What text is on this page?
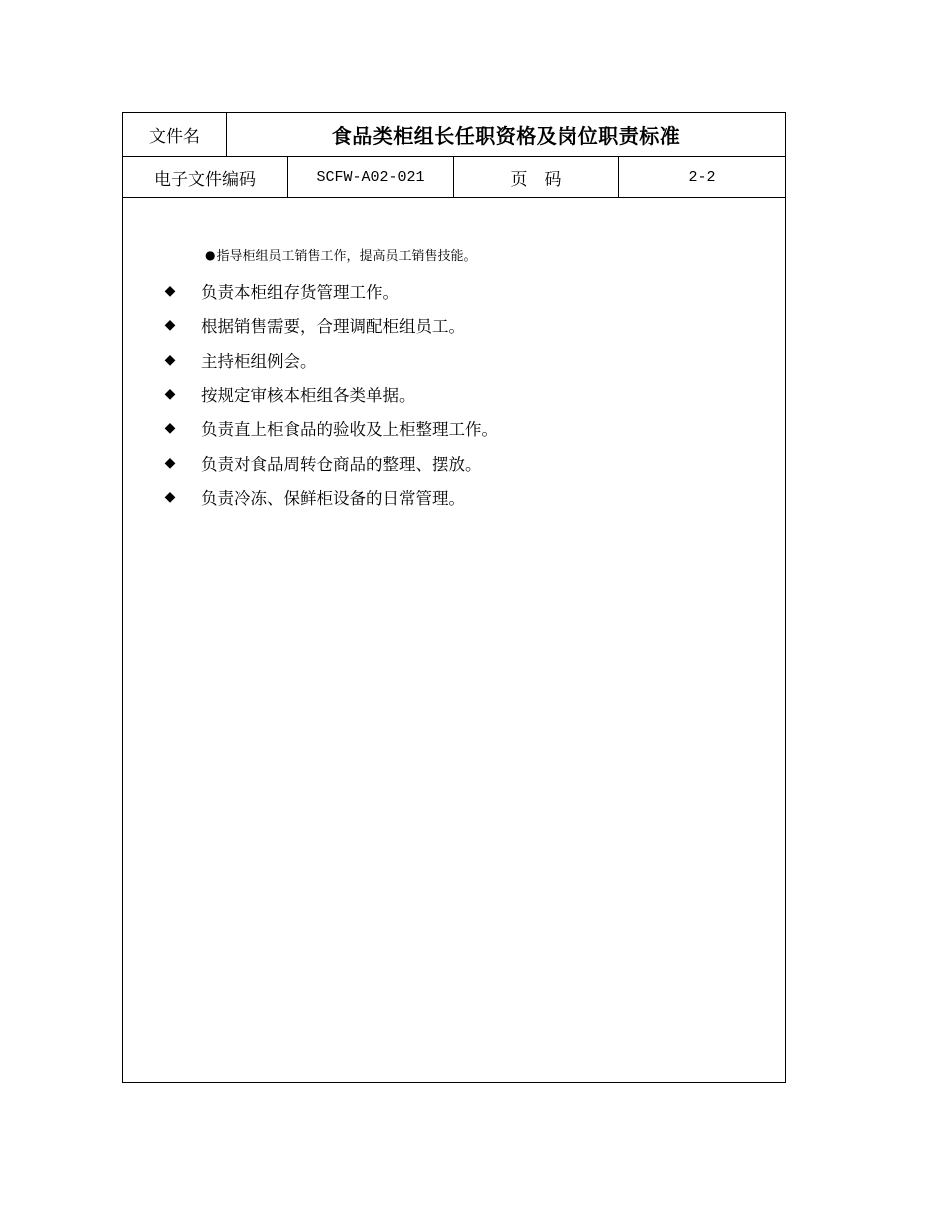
文件名	食品类柜组长任职资格及岗位职责标准
电子文件编码	SCFW-A02-021	页　码	2-2
● 指导柜组员工销售工作，提高员工销售技能。
◆ 负责本柜组存货管理工作。
◆ 根据销售需要，合理调配柜组员工。
◆ 主持柜组例会。
◆ 按规定审核本柜组各类单据。
◆ 负责直上柜食品的验收及上柜整理工作。
◆ 负责对食品周转仓商品的整理、摆放。
◆ 负责冷冻、保鲜柜设备的日常管理。
